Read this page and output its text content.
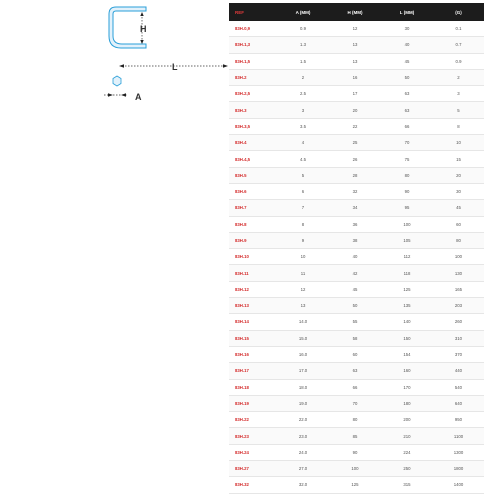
H
L
A
REF	A (MM)	H (MM)	L (MM)	(G)
83H.0,9	0.9	12	30	0.1
83H.1,3	1.3	13	40	0.7
83H.1,5	1.5	13	45	0.9
83H.2	2	16	50	2
83H.2,5	2.5	17	63	3
83H.3	3	20	63	5
83H.3,5	3.5	22	66	8
83H.4	4	25	70	10
83H.4,5	4.5	26	75	15
83H.5	5	28	80	20
83H.6	6	32	90	30
83H.7	7	34	95	45
83H.8	8	36	100	60
83H.9	9	38	105	80
83H.10	10	40	112	100
83H.11	11	42	118	130
83H.12	12	45	125	165
83H.13	13	50	135	203
83H.14	14.0	55	140	260
83H.15	15.0	58	150	310
83H.16	16.0	60	154	370
83H.17	17.0	63	160	440
83H.18	18.0	66	170	540
83H.19	19.0	70	180	640
83H.22	22.0	80	200	950
83H.23	23.0	85	210	1100
83H.24	24.0	90	224	1300
83H.27	27.0	100	250	1800
83H.32	32.0	125	315	1400
